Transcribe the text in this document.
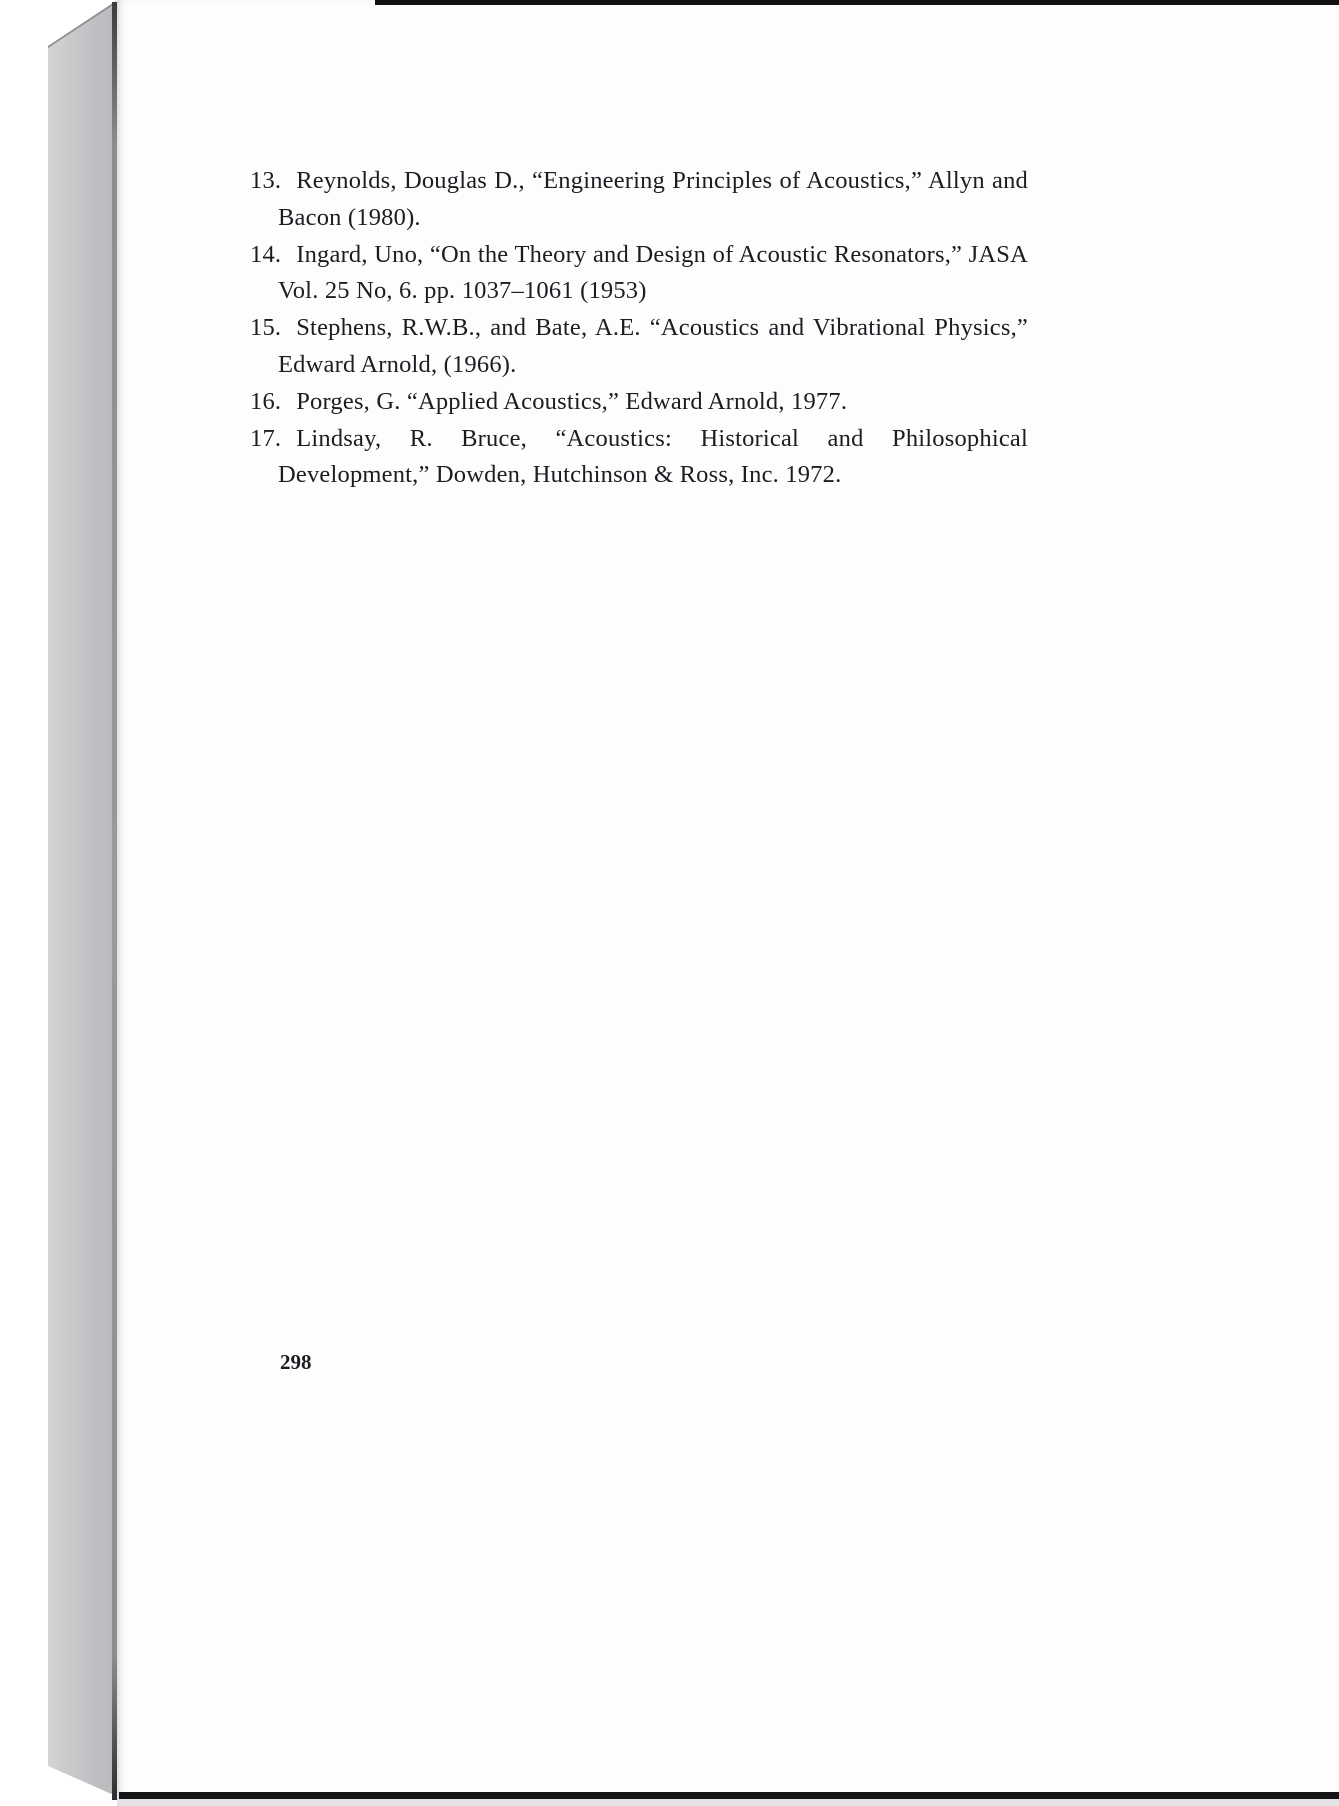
13. Reynolds, Douglas D., “Engineering Principles of Acoustics,” Allyn and Bacon (1980).

14. Ingard, Uno, “On the Theory and Design of Acoustic Resonators,” JASA Vol. 25 No, 6. pp. 1037–1061 (1953)

15. Stephens, R.W.B., and Bate, A.E. “Acoustics and Vibrational Physics,” Edward Arnold, (1966).

16. Porges, G. “Applied Acoustics,” Edward Arnold, 1977.

17. Lindsay, R. Bruce, “Acoustics: Historical and Philosophical Development,” Dowden, Hutchinson & Ross, Inc. 1972.

298
